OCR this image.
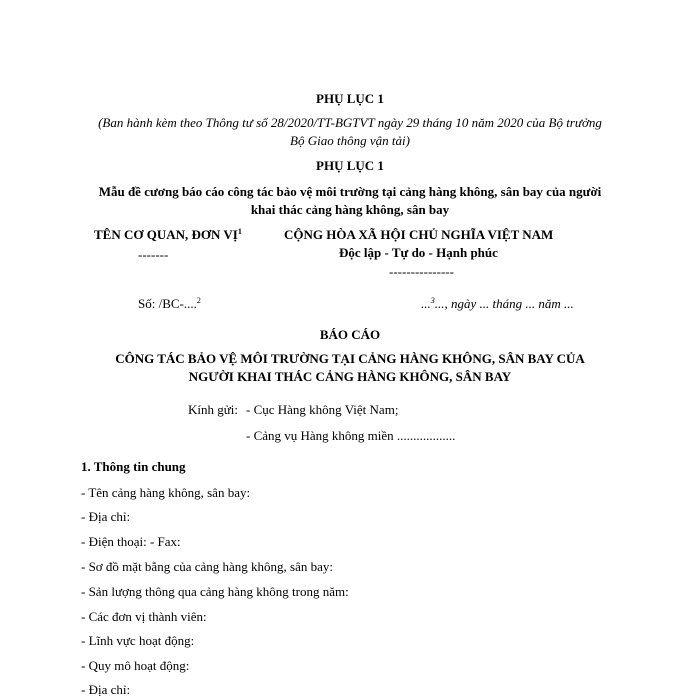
PHỤ LỤC 1
(Ban hành kèm theo Thông tư số 28/2020/TT-BGTVT ngày 29 tháng 10 năm 2020 của Bộ trưởng
Bộ Giao thông vận tải)
PHỤ LỤC 1
Mẫu đề cương báo cáo công tác bảo vệ môi trường tại cảng hàng không, sân bay của người
khai thác cảng hàng không, sân bay
TÊN CƠ QUAN, ĐƠN VỊ$^1$
-------
CỘNG HÒA XÃ HỘI CHỦ NGHĨA VIỆT NAM
Độc lập - Tự do - Hạnh phúc
---------------
Số: /BC-....$^2$	...$^3$..., ngày ... tháng ... năm ...
BÁO CÁO
CÔNG TÁC BẢO VỆ MÔI TRƯỜNG TẠI CẢNG HÀNG KHÔNG, SÂN BAY CỦA
NGƯỜI KHAI THÁC CẢNG HÀNG KHÔNG, SÂN BAY
Kính gửi: - Cục Hàng không Việt Nam;
- Cảng vụ Hàng không miền ..................
1. Thông tin chung
- Tên cảng hàng không, sân bay:
- Địa chỉ:
- Điện thoại: - Fax:
- Sơ đồ mặt bằng của cảng hàng không, sân bay:
- Sản lượng thông qua cảng hàng không trong năm:
- Các đơn vị thành viên:
- Lĩnh vực hoạt động:
- Quy mô hoạt động:
- Địa chỉ:
